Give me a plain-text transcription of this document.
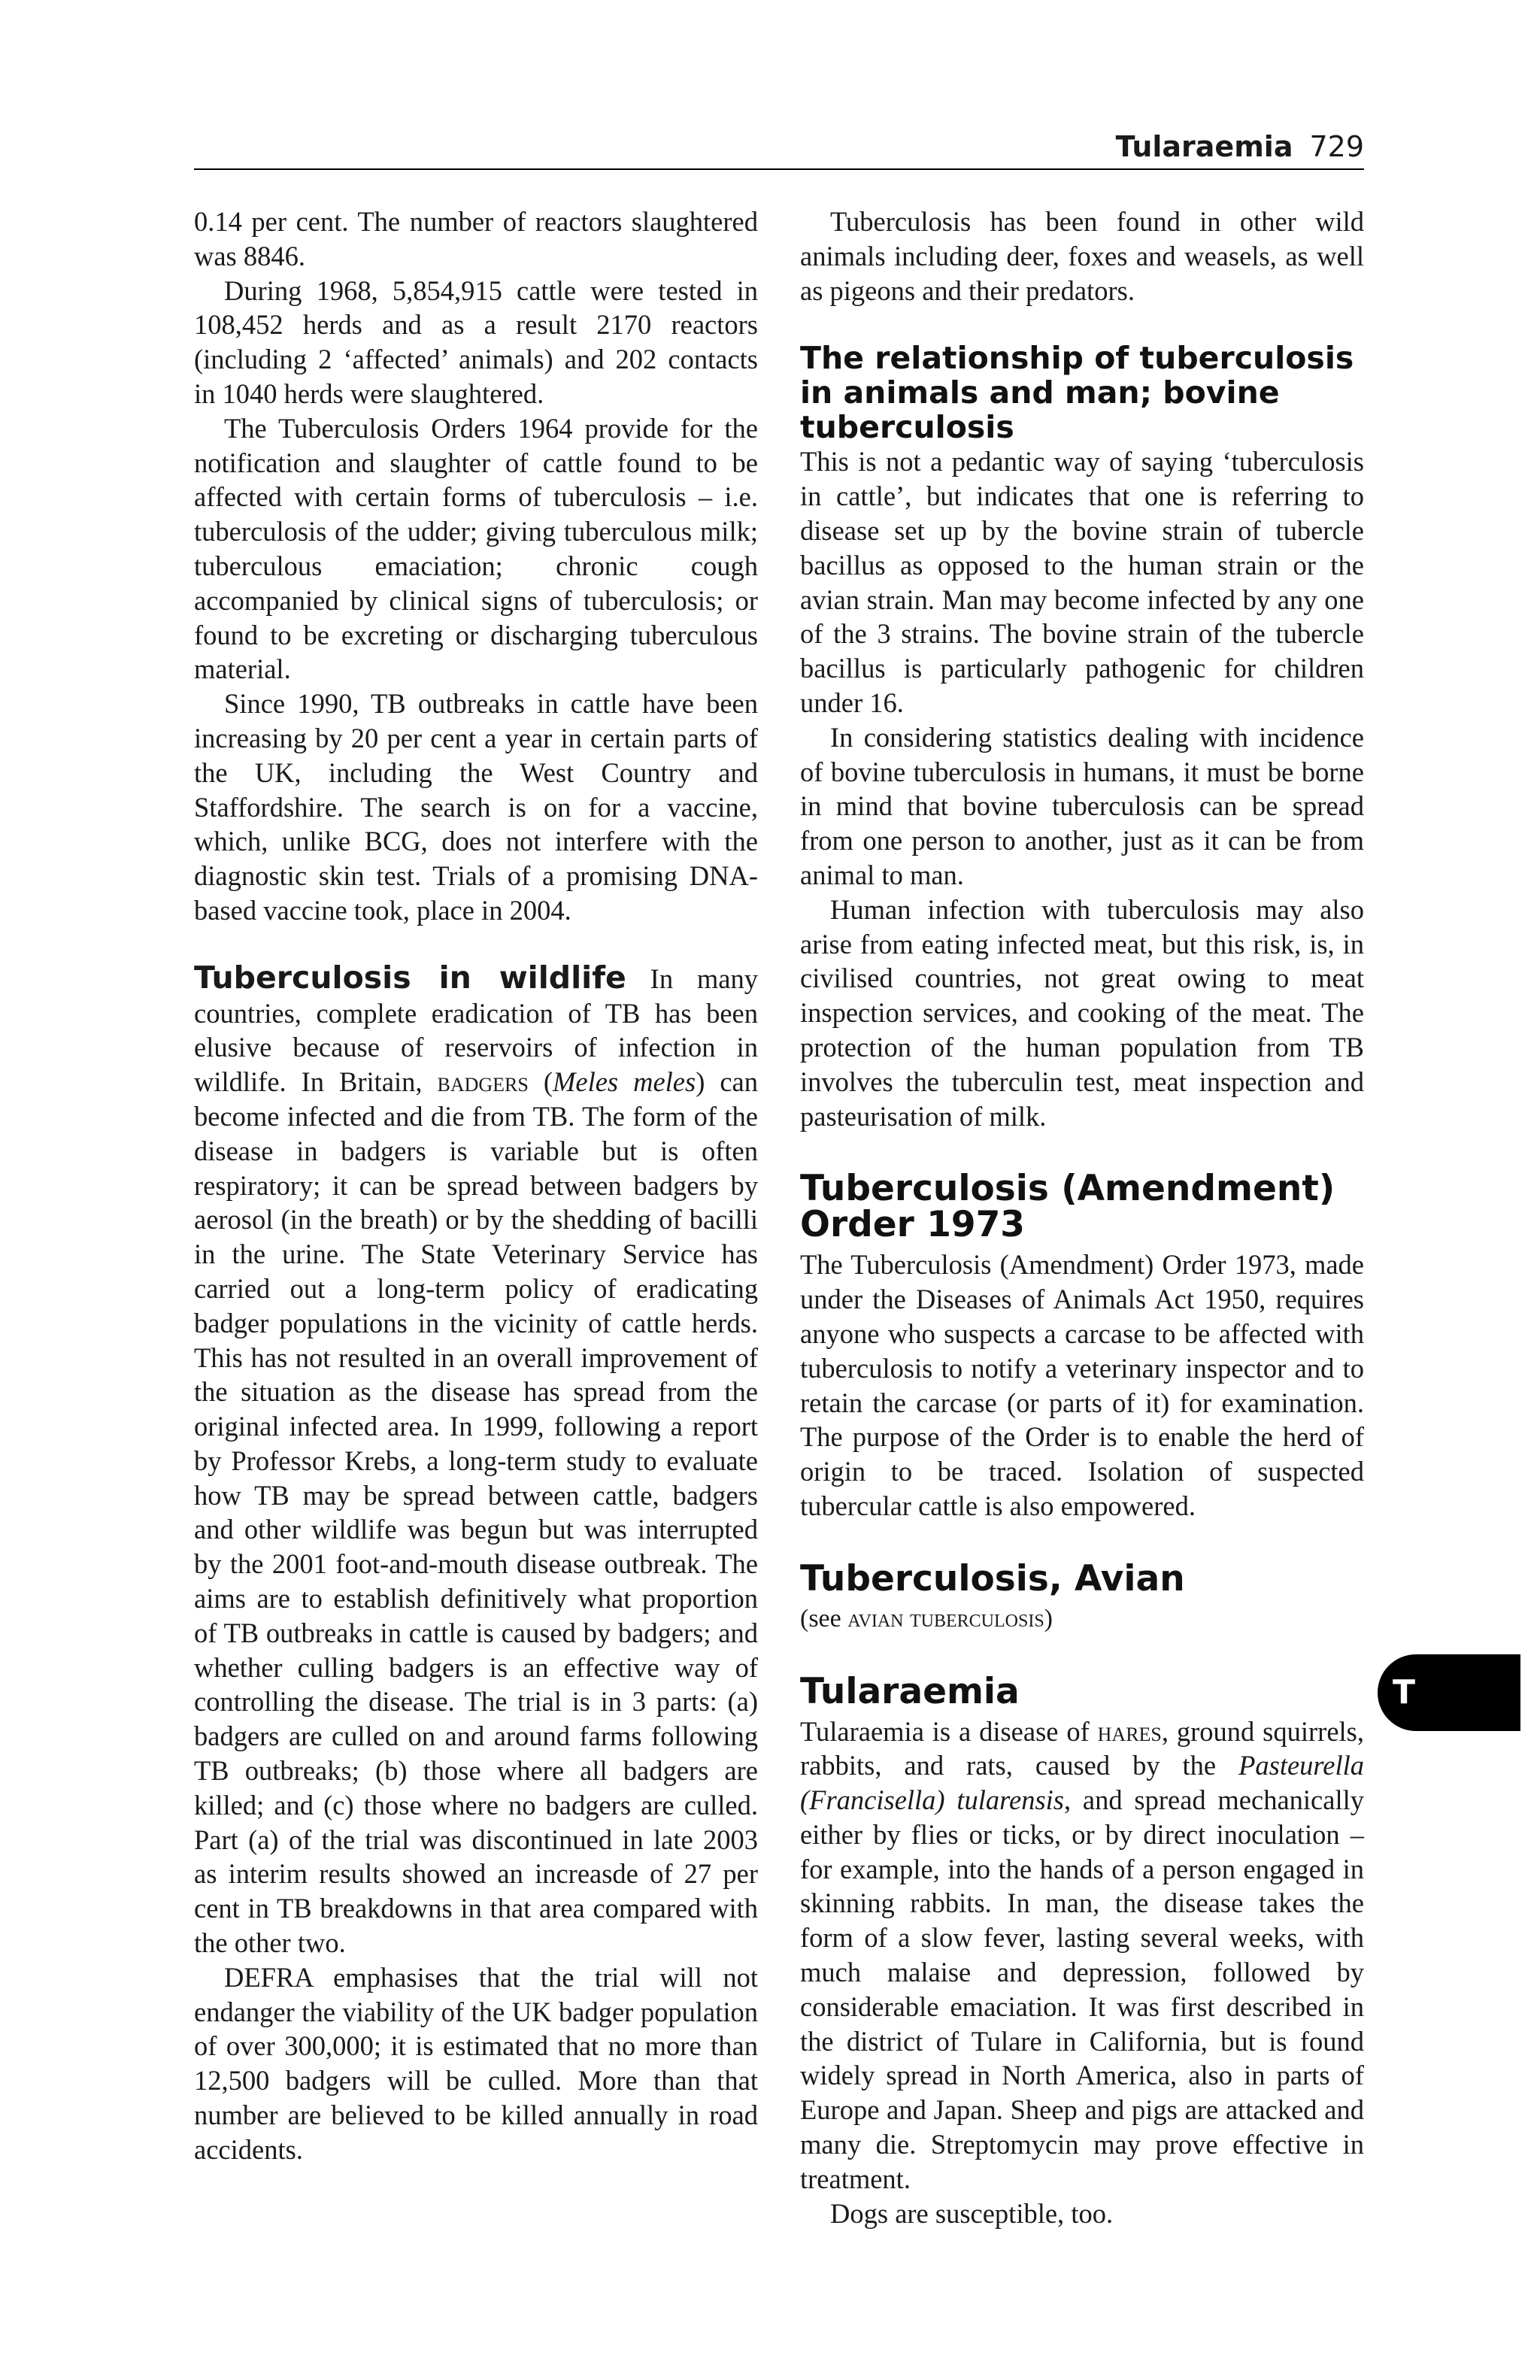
Tularaemia 729

0.14 per cent. The number of reactors slaughtered was 8846.

During 1968, 5,854,915 cattle were tested in 108,452 herds and as a result 2170 reactors (including 2 ‘affected’ animals) and 202 contacts in 1040 herds were slaughtered.

The Tuberculosis Orders 1964 provide for the notification and slaughter of cattle found to be affected with certain forms of tuberculosis – i.e. tuberculosis of the udder; giving tuberculous milk; tuberculous emaciation; chronic cough accompanied by clinical signs of tuberculosis; or found to be excreting or discharging tuberculous material.

Since 1990, TB outbreaks in cattle have been increasing by 20 per cent a year in certain parts of the UK, including the West Country and Staffordshire. The search is on for a vaccine, which, unlike BCG, does not interfere with the diagnostic skin test. Trials of a promising DNA-based vaccine took, place in 2004.

Tuberculosis in wildlife In many countries, complete eradication of TB has been elusive because of reservoirs of infection in wildlife. In Britain, badgers (Meles meles) can become infected and die from TB. The form of the disease in badgers is variable but is often respiratory; it can be spread between badgers by aerosol (in the breath) or by the shedding of bacilli in the urine. The State Veterinary Service has carried out a long-term policy of eradicating badger populations in the vicinity of cattle herds. This has not resulted in an overall improvement of the situation as the disease has spread from the original infected area. In 1999, following a report by Professor Krebs, a long-term study to evaluate how TB may be spread between cattle, badgers and other wildlife was begun but was interrupted by the 2001 foot-and-mouth disease outbreak. The aims are to establish definitively what proportion of TB outbreaks in cattle is caused by badgers; and whether culling badgers is an effective way of controlling the disease. The trial is in 3 parts: (a) badgers are culled on and around farms following TB outbreaks; (b) those where all badgers are killed; and (c) those where no badgers are culled. Part (a) of the trial was discontinued in late 2003 as interim results showed an increasde of 27 per cent in TB breakdowns in that area compared with the other two.

DEFRA emphasises that the trial will not endanger the viability of the UK badger population of over 300,000; it is estimated that no more than 12,500 badgers will be culled. More than that number are believed to be killed annually in road accidents.

Tuberculosis has been found in other wild animals including deer, foxes and weasels, as well as pigeons and their predators.

The relationship of tuberculosis in animals and man; bovine tuberculosis

This is not a pedantic way of saying ‘tuberculosis in cattle’, but indicates that one is referring to disease set up by the bovine strain of tubercle bacillus as opposed to the human strain or the avian strain. Man may become infected by any one of the 3 strains. The bovine strain of the tubercle bacillus is particularly pathogenic for children under 16.

In considering statistics dealing with incidence of bovine tuberculosis in humans, it must be borne in mind that bovine tuberculosis can be spread from one person to another, just as it can be from animal to man.

Human infection with tuberculosis may also arise from eating infected meat, but this risk, is, in civilised countries, not great owing to meat inspection services, and cooking of the meat. The protection of the human population from TB involves the tuberculin test, meat inspection and pasteurisation of milk.

Tuberculosis (Amendment) Order 1973

The Tuberculosis (Amendment) Order 1973, made under the Diseases of Animals Act 1950, requires anyone who suspects a carcase to be affected with tuberculosis to notify a veterinary inspector and to retain the carcase (or parts of it) for examination. The purpose of the Order is to enable the herd of origin to be traced. Isolation of suspected tubercular cattle is also empowered.

Tuberculosis, Avian

(see avian tuberculosis)

Tularaemia

Tularaemia is a disease of hares, ground squirrels, rabbits, and rats, caused by the Pasteurella (Francisella) tularensis, and spread mechanically either by flies or ticks, or by direct inoculation – for example, into the hands of a person engaged in skinning rabbits. In man, the disease takes the form of a slow fever, lasting several weeks, with much malaise and depression, followed by considerable emaciation. It was first described in the district of Tulare in California, but is found widely spread in North America, also in parts of Europe and Japan. Sheep and pigs are attacked and many die. Streptomycin may prove effective in treatment.

Dogs are susceptible, too.

T
